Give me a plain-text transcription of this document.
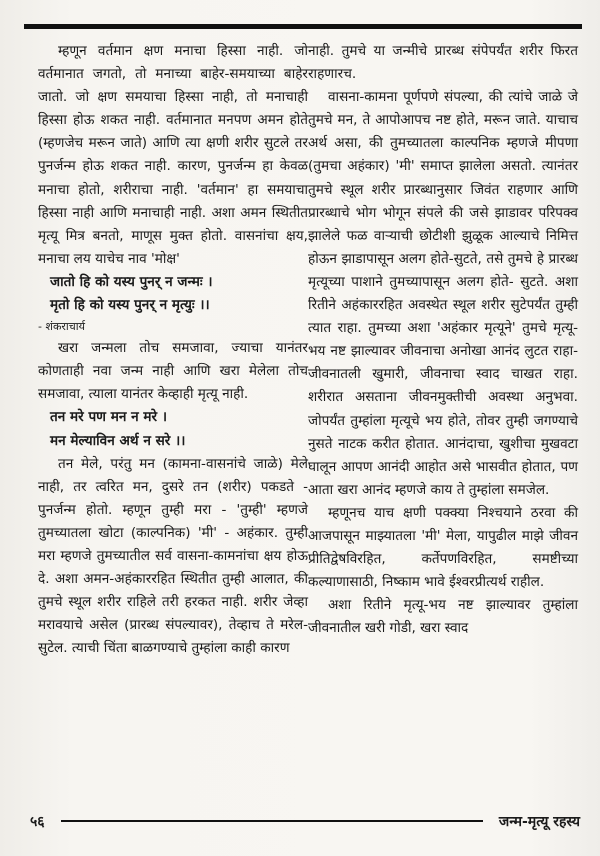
म्हणून वर्तमान क्षण मनाचा हिस्सा नाही. जो वर्तमानात जगतो, तो मनाच्या बाहेर-समयाच्या बाहेर जातो. जो क्षण समयाचा हिस्सा नाही, तो मनाचाही हिस्सा होऊ शकत नाही. वर्तमानात मनपण अमन होते (म्हणजेच मरून जाते) आणि त्या क्षणी शरीर सुटले तर पुनर्जन्म होऊ शकत नाही. कारण, पुनर्जन्म हा केवळ मनाचा होतो, शरीराचा नाही. 'वर्तमान' हा समयाचा हिस्सा नाही आणि मनाचाही नाही. अशा अमन स्थितीत मृत्यू मित्र बनतो, माणूस मुक्त होतो. वासनांचा क्षय, मनाचा लय याचेच नाव 'मोक्ष'

जातो हि को यस्य पुनर् न जन्मः ।

मृतो हि को यस्य पुनर् न मृत्युः ।।

- शंकराचार्य

खरा जन्मला तोच समजावा, ज्याचा यानंतर कोणताही नवा जन्म नाही आणि खरा मेलेला तोच समजावा, त्याला यानंतर केव्हाही मृत्यू नाही.

तन मरे पण मन न मरे ।

मन मेल्याविन अर्थ न सरे ।।

तन मेले, परंतु मन (कामना-वासनांचे जाळे) मेले नाही, तर त्वरित मन, दुसरे तन (शरीर) पकडते - पुनर्जन्म होतो. म्हणून तुम्ही मरा - 'तुम्ही' म्हणजे तुमच्यातला खोटा (काल्पनिक) 'मी' - अहंकार. तुम्ही मरा म्हणजे तुमच्यातील सर्व वासना-कामनांचा क्षय होऊ दे. अशा अमन-अहंकाररहित स्थितीत तुम्ही आलात, की तुमचे स्थूल शरीर राहिले तरी हरकत नाही. शरीर जेव्हा मरावयाचे असेल (प्रारब्ध संपल्यावर), तेव्हाच ते मरेल-सुटेल. त्याची चिंता बाळगण्याचे तुम्हांला काही कारण

नाही. तुमचे या जन्मीचे प्रारब्ध संपेपर्यंत शरीर फिरत राहणारच.

वासना-कामना पूर्णपणे संपल्या, की त्यांचे जाळे जे तुमचे मन, ते आपोआपच नष्ट होते, मरून जाते. याचाच अर्थ असा, की तुमच्यातला काल्पनिक म्हणजे मीपणा (तुमचा अहंकार) 'मी' समाप्त झालेला असतो. त्यानंतर तुमचे स्थूल शरीर प्रारब्धानुसार जिवंत राहणार आणि प्रारब्धाचे भोग भोगून संपले की जसे झाडावर परिपक्व झालेले फळ वाऱ्याची छोटीशी झुळूक आल्याचे निमित्त होऊन झाडापासून अलग होते-सुटते, तसे तुमचे हे प्रारब्ध मृत्यूच्या पाशाने तुमच्यापासून अलग होते- सुटते. अशा रितीने अहंकाररहित अवस्थेत स्थूल शरीर सुटेपर्यंत तुम्ही त्यात राहा. तुमच्या अशा 'अहंकार मृत्यूने' तुमचे मृत्यू-भय नष्ट झाल्यावर जीवनाचा अनोखा आनंद लुटत राहा-जीवनातली खुमारी, जीवनाचा स्वाद चाखत राहा. शरीरात असताना जीवनमुक्तीची अवस्था अनुभवा. जोपर्यंत तुम्हांला मृत्यूचे भय होते, तोवर तुम्ही जगण्याचे नुसते नाटक करीत होतात. आनंदाचा, खुशीचा मुखवटा घालून आपण आनंदी आहोत असे भासवीत होतात, पण आता खरा आनंद म्हणजे काय ते तुम्हांला समजेल.

म्हणूनच याच क्षणी पक्क्या निश्चयाने ठरवा की आजपासून माझ्यातला 'मी' मेला, यापुढील माझे जीवन प्रीतिद्वेषविरहित, कर्तेपणविरहित, समष्टीच्या कल्याणासाठी, निष्काम भावे ईश्वरप्रीत्यर्थ राहील.

अशा रितीने मृत्यू-भय नष्ट झाल्यावर तुम्हांला जीवनातील खरी गोडी, खरा स्वाद

५६	जन्म-मृत्यू रहस्य
